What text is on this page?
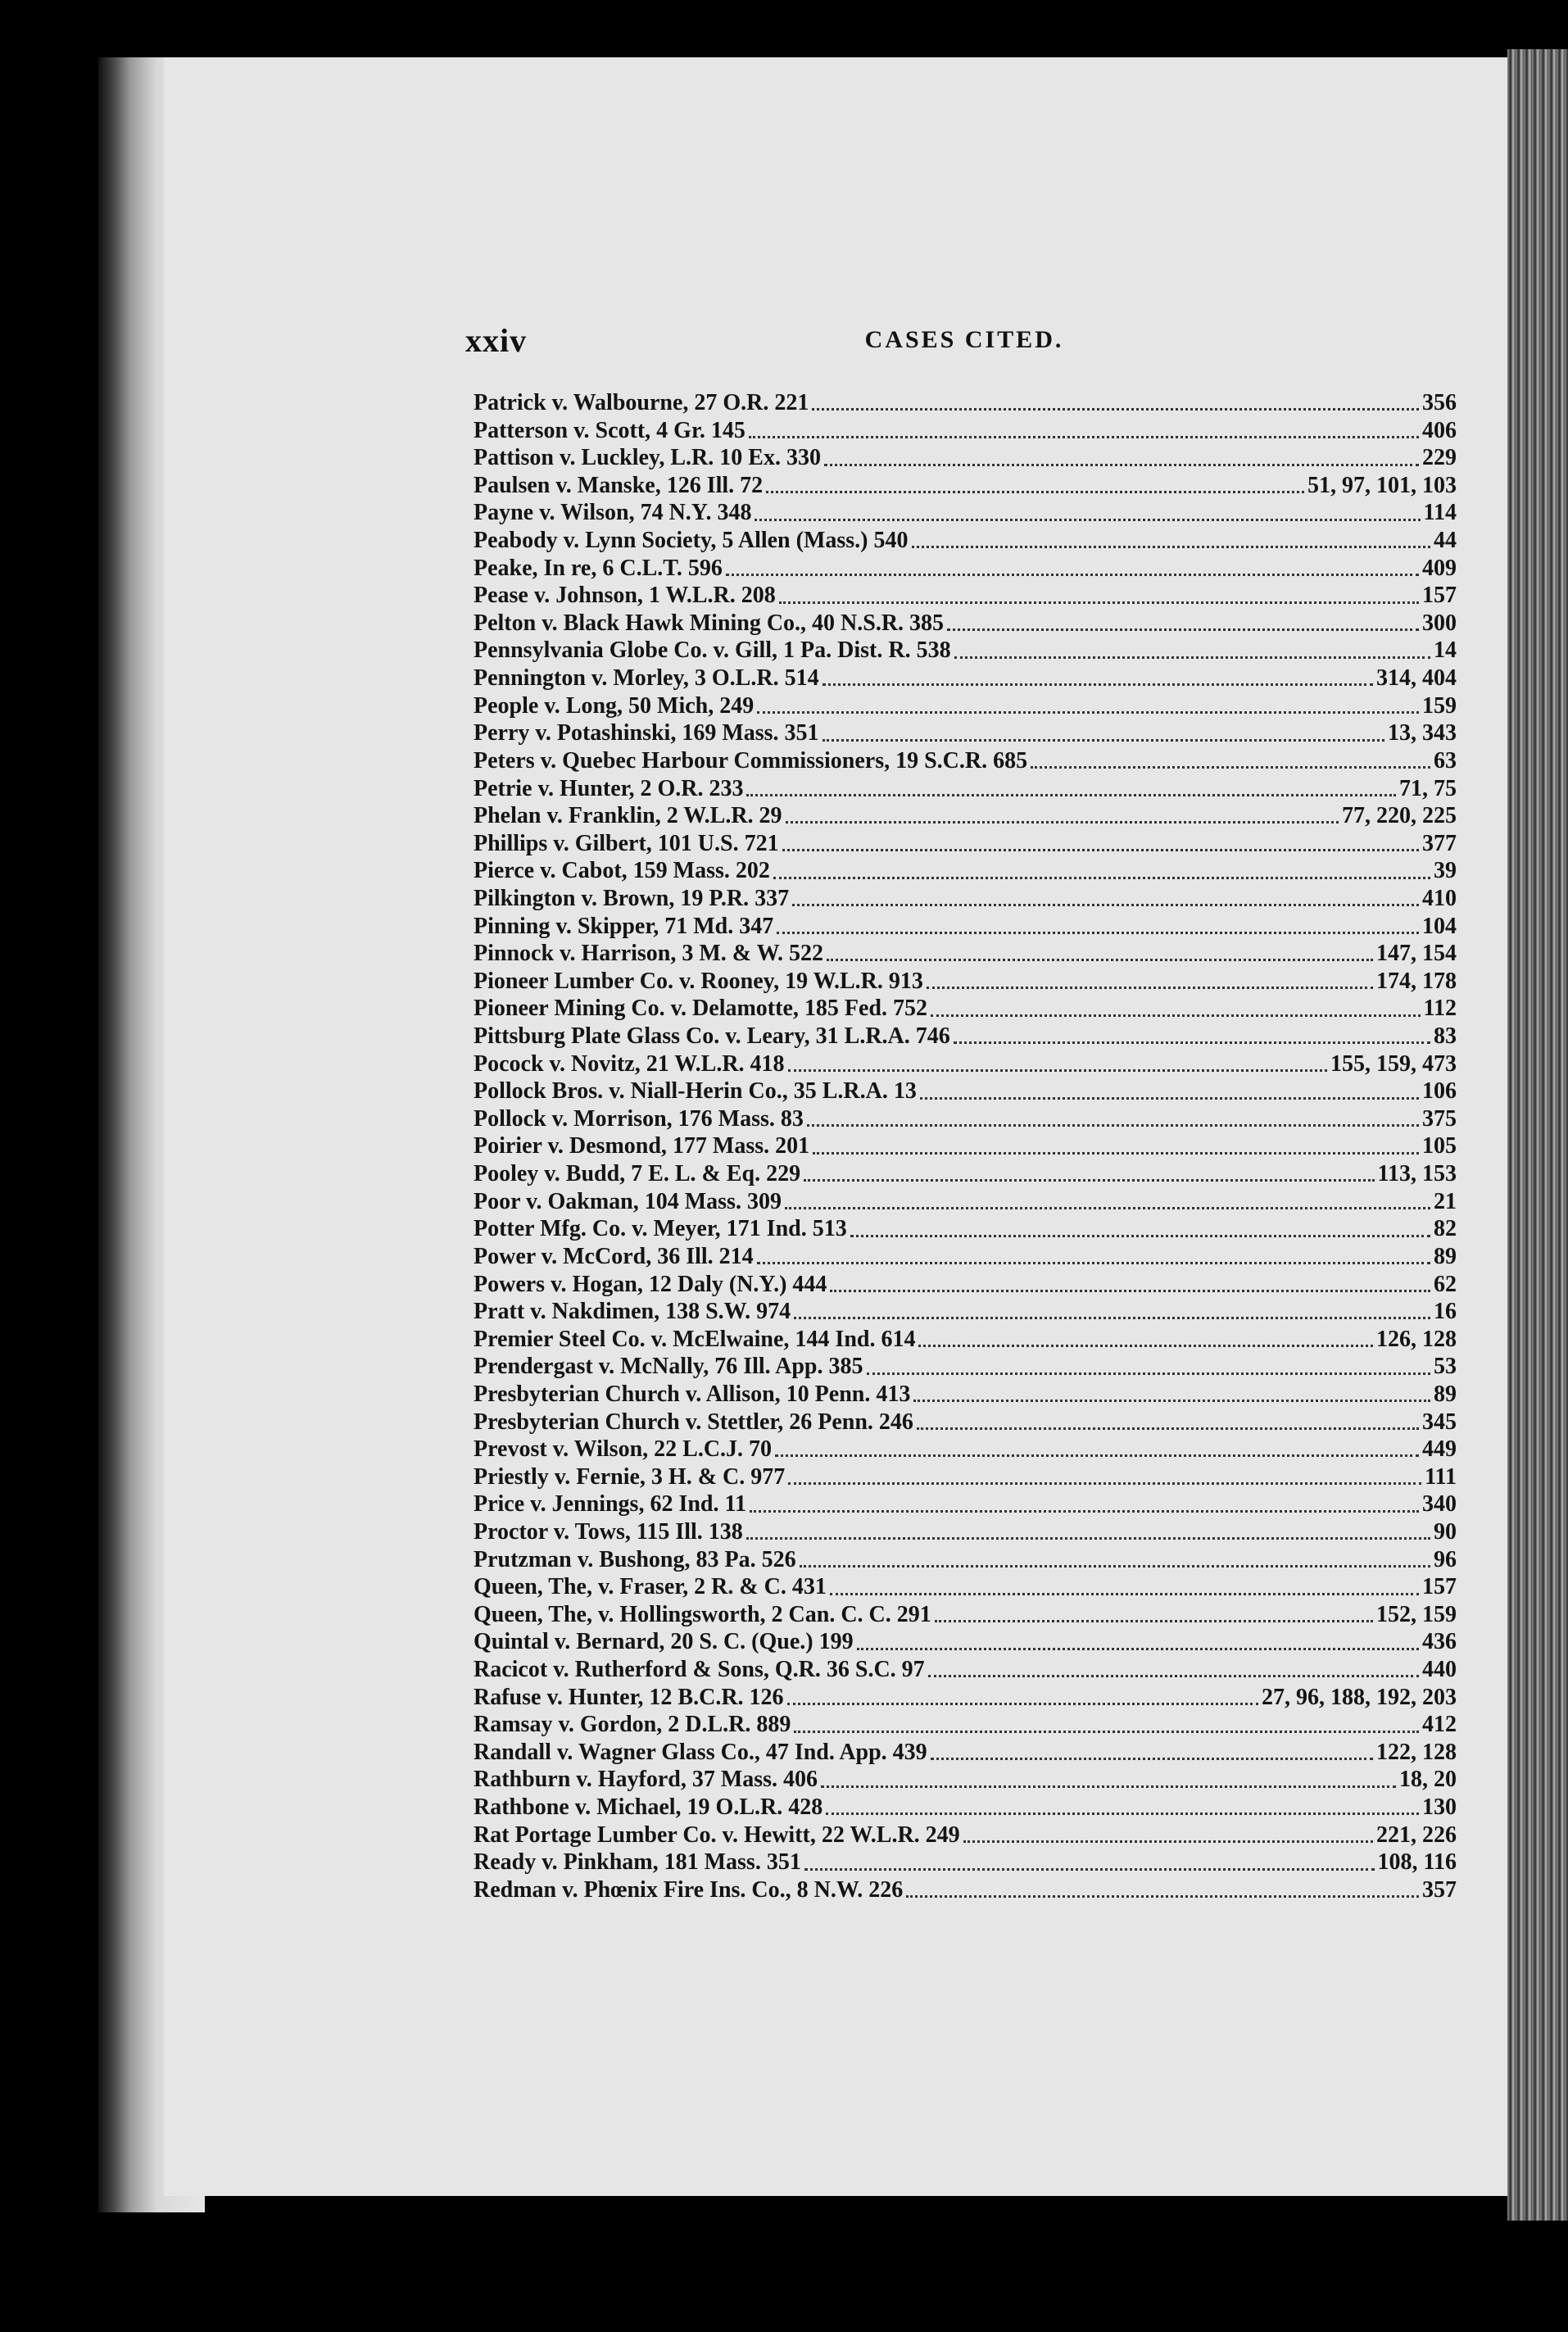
xxiv	CASES CITED.
Patrick v. Walbourne, 27 O.R. 221	356
Patterson v. Scott, 4 Gr. 145	406
Pattison v. Luckley, L.R. 10 Ex. 330	229
Paulsen v. Manske, 126 Ill. 72	51, 97, 101, 103
Payne v. Wilson, 74 N.Y. 348	114
Peabody v. Lynn Society, 5 Allen (Mass.) 540	44
Peake, In re, 6 C.L.T. 596	409
Pease v. Johnson, 1 W.L.R. 208	157
Pelton v. Black Hawk Mining Co., 40 N.S.R. 385	300
Pennsylvania Globe Co. v. Gill, 1 Pa. Dist. R. 538	14
Pennington v. Morley, 3 O.L.R. 514	314, 404
People v. Long, 50 Mich, 249	159
Perry v. Potashinski, 169 Mass. 351	13, 343
Peters v. Quebec Harbour Commissioners, 19 S.C.R. 685	63
Petrie v. Hunter, 2 O.R. 233	71, 75
Phelan v. Franklin, 2 W.L.R. 29	77, 220, 225
Phillips v. Gilbert, 101 U.S. 721	377
Pierce v. Cabot, 159 Mass. 202	39
Pilkington v. Brown, 19 P.R. 337	410
Pinning v. Skipper, 71 Md. 347	104
Pinnock v. Harrison, 3 M. & W. 522	147, 154
Pioneer Lumber Co. v. Rooney, 19 W.L.R. 913	174, 178
Pioneer Mining Co. v. Delamotte, 185 Fed. 752	112
Pittsburg Plate Glass Co. v. Leary, 31 L.R.A. 746	83
Pocock v. Novitz, 21 W.L.R. 418	155, 159, 473
Pollock Bros. v. Niall-Herin Co., 35 L.R.A. 13	106
Pollock v. Morrison, 176 Mass. 83	375
Poirier v. Desmond, 177 Mass. 201	105
Pooley v. Budd, 7 E. L. & Eq. 229	113, 153
Poor v. Oakman, 104 Mass. 309	21
Potter Mfg. Co. v. Meyer, 171 Ind. 513	82
Power v. McCord, 36 Ill. 214	89
Powers v. Hogan, 12 Daly (N.Y.) 444	62
Pratt v. Nakdimen, 138 S.W. 974	16
Premier Steel Co. v. McElwaine, 144 Ind. 614	126, 128
Prendergast v. McNally, 76 Ill. App. 385	53
Presbyterian Church v. Allison, 10 Penn. 413	89
Presbyterian Church v. Stettler, 26 Penn. 246	345
Prevost v. Wilson, 22 L.C.J. 70	449
Priestly v. Fernie, 3 H. & C. 977	111
Price v. Jennings, 62 Ind. 11	340
Proctor v. Tows, 115 Ill. 138	90
Prutzman v. Bushong, 83 Pa. 526	96
Queen, The, v. Fraser, 2 R. & C. 431	157
Queen, The, v. Hollingsworth, 2 Can. C. C. 291	152, 159
Quintal v. Bernard, 20 S. C. (Que.) 199	436
Racicot v. Rutherford & Sons, Q.R. 36 S.C. 97	440
Rafuse v. Hunter, 12 B.C.R. 126	27, 96, 188, 192, 203
Ramsay v. Gordon, 2 D.L.R. 889	412
Randall v. Wagner Glass Co., 47 Ind. App. 439	122, 128
Rathburn v. Hayford, 37 Mass. 406	18, 20
Rathbone v. Michael, 19 O.L.R. 428	130
Rat Portage Lumber Co. v. Hewitt, 22 W.L.R. 249	221, 226
Ready v. Pinkham, 181 Mass. 351	108, 116
Redman v. Phœnix Fire Ins. Co., 8 N.W. 226	357
